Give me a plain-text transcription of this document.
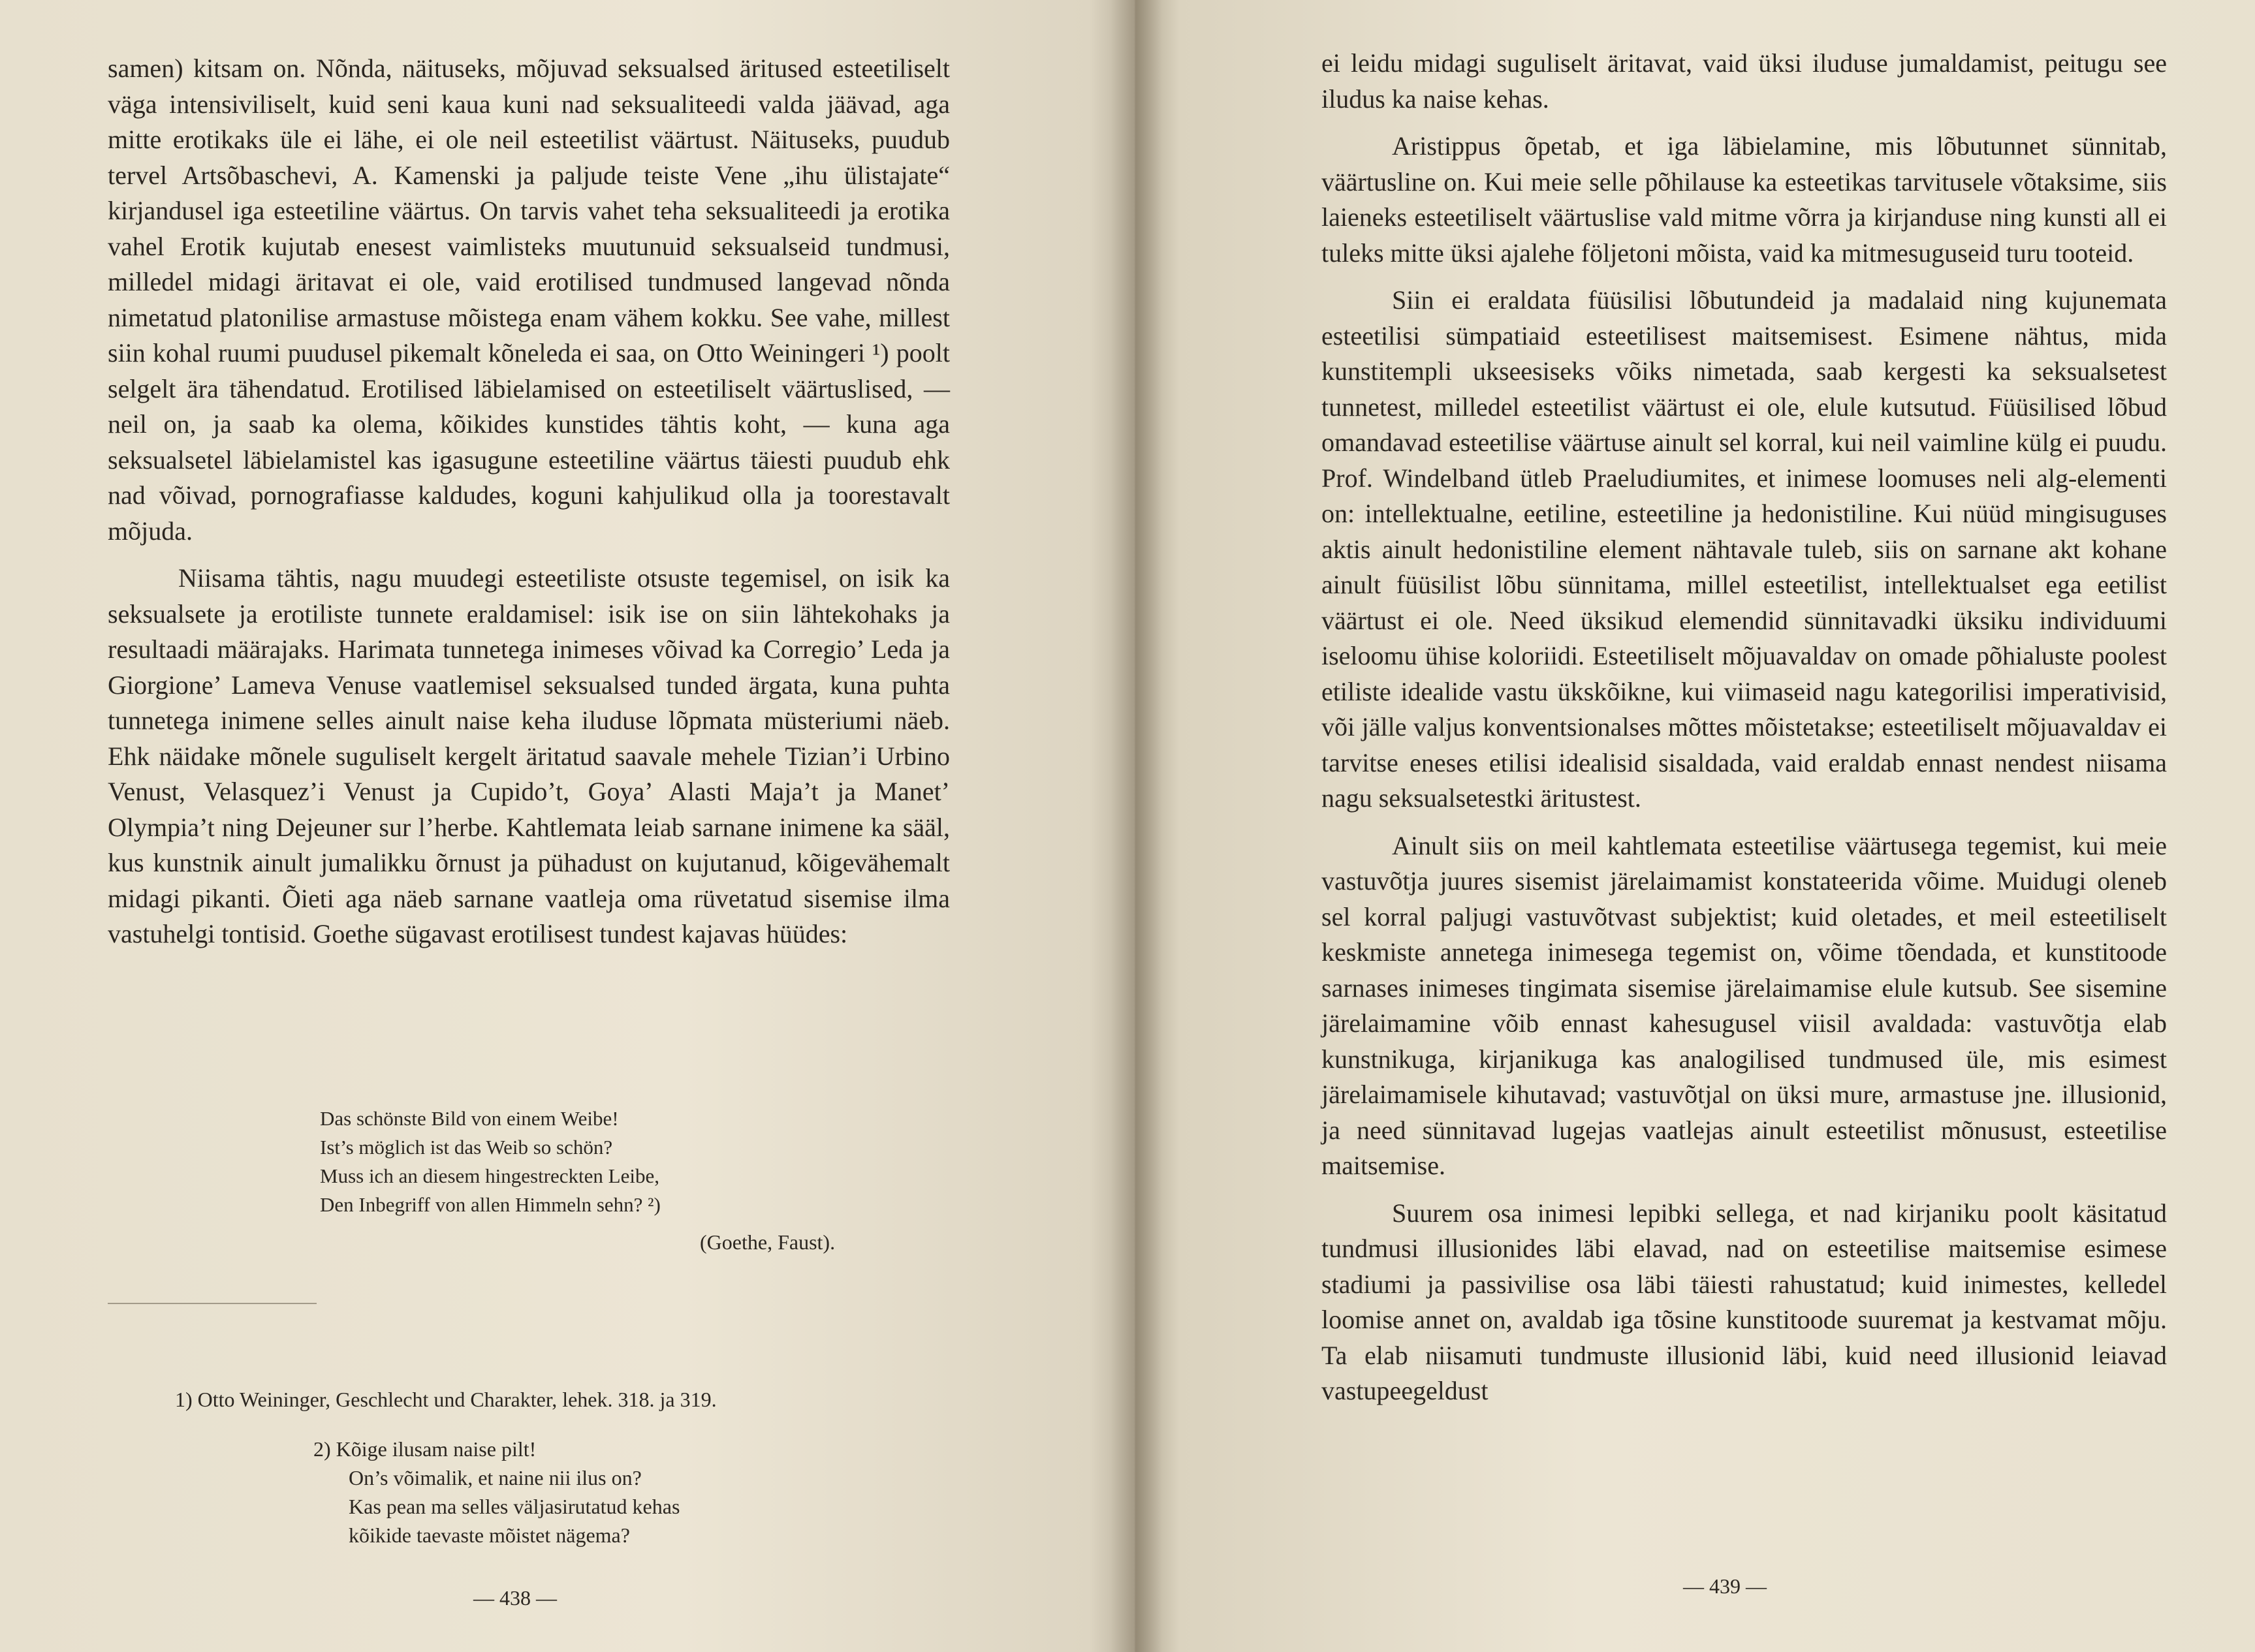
samen) kitsam on. Nõnda, näituseks, mõjuvad seksualsed äritused esteetiliselt väga intensiviliselt, kuid seni kaua kuni nad seksualiteedi valda jäävad, aga mitte erotikaks üle ei lähe, ei ole neil esteetilist väärtust. Näituseks, puudub tervel Artsõbaschevi, A. Kamenski ja paljude teiste Vene „ihu ülistajate“ kirjandusel iga esteetiline väärtus. On tarvis vahet teha seksualiteedi ja erotika vahel Erotik kujutab enesest vaimlisteks muutunuid seksualseid tundmusi, milledel midagi äritavat ei ole, vaid erotilised tundmused langevad nõnda nimetatud platonilise armastuse mõistega enam vähem kokku. See vahe, millest siin kohal ruumi puudusel pikemalt kõneleda ei saa, on Otto Weiningeri ¹) poolt selgelt ära tähendatud. Erotilised läbielamised on esteetiliselt väärtuslised, — neil on, ja saab ka olema, kõikides kunstides tähtis koht, — kuna aga seksualsetel läbielamistel kas igasugune esteetiline väärtus täiesti puudub ehk nad võivad, pornografiasse kaldudes, koguni kahjulikud olla ja toorestavalt mõjuda.

Niisama tähtis, nagu muudegi esteetiliste otsuste tegemisel, on isik ka seksualsete ja erotiliste tunnete eraldamisel: isik ise on siin lähtekohaks ja resultaadi määrajaks. Harimata tunnetega inimeses võivad ka Corregio’ Leda ja Giorgione’ Lameva Venuse vaatlemisel seksualsed tunded ärgata, kuna puhta tunnetega inimene selles ainult naise keha iluduse lõpmata müsteriumi näeb. Ehk näidake mõnele suguliselt kergelt äritatud saavale mehele Tizian’i Urbino Venust, Velasquez’i Venust ja Cupido’t, Goya’ Alasti Maja’t ja Manet’ Olympia’t ning Dejeuner sur l’herbe. Kahtlemata leiab sarnane inimene ka sääl, kus kunstnik ainult jumalikku õrnust ja pühadust on kujutanud, kõigevähemalt midagi pikanti. Õieti aga näeb sarnane vaatleja oma rüvetatud sisemise ilma vastuhelgi tontisid. Goethe sügavast erotilisest tundest kajavas hüüdes:

Das schönste Bild von einem Weibe!
Ist’s möglich ist das Weib so schön?
Muss ich an diesem hingestreckten Leibe,
Den Inbegriff von allen Himmeln sehn? ²)
(Goethe, Faust).
1) Otto Weininger, Geschlecht und Charakter, lehek. 318. ja 319.
2) Kõige ilusam naise pilt!
On’s võimalik, et naine nii ilus on?
Kas pean ma selles väljasirutatud kehas
kõikide taevaste mõistet nägema?
— 438 —

ei leidu midagi suguliselt äritavat, vaid üksi iluduse jumaldamist, peitugu see iludus ka naise kehas.

Aristippus õpetab, et iga läbielamine, mis lõbutunnet sünnitab, väärtusline on. Kui meie selle põhilause ka esteetikas tarvitusele võtaksime, siis laieneks esteetiliselt väärtuslise vald mitme võrra ja kirjanduse ning kunsti all ei tuleks mitte üksi ajalehe följetoni mõista, vaid ka mitmesuguseid turu tooteid.

Siin ei eraldata füüsilisi lõbutundeid ja madalaid ning kujunemata esteetilisi sümpatiaid esteetilisest maitsemisest. Esimene nähtus, mida kunstitempli ukseesiseks võiks nimetada, saab kergesti ka seksualsetest tunnetest, milledel esteetilist väärtust ei ole, elule kutsutud. Füüsilised lõbud omandavad esteetilise väärtuse ainult sel korral, kui neil vaimline külg ei puudu. Prof. Windelband ütleb Praeludiumites, et inimese loomuses neli alg-elementi on: intellektualne, eetiline, esteetiline ja hedonistiline. Kui nüüd mingisuguses aktis ainult hedonistiline element nähtavale tuleb, siis on sarnane akt kohane ainult füüsilist lõbu sünnitama, millel esteetilist, intellektualset ega eetilist väärtust ei ole. Need üksikud elemendid sünnitavadki üksiku individuumi iseloomu ühise koloriidi. Esteetiliselt mõjuavaldav on omade põhialuste poolest etiliste idealide vastu ükskõikne, kui viimaseid nagu kategorilisi imperativisid, või jälle valjus konventsionalses mõttes mõistetakse; esteetiliselt mõjuavaldav ei tarvitse eneses etilisi idealisid sisaldada, vaid eraldab ennast nendest niisama nagu seksualsetestki äritustest.

Ainult siis on meil kahtlemata esteetilise väärtusega tegemist, kui meie vastuvõtja juures sisemist järelaimamist konstateerida võime. Muidugi oleneb sel korral paljugi vastuvõtvast subjektist; kuid oletades, et meil esteetiliselt keskmiste annetega inimesega tegemist on, võime tõendada, et kunstitoode sarnases inimeses tingimata sisemise järelaimamise elule kutsub. See sisemine järelaimamine võib ennast kahesugusel viisil avaldada: vastuvõtja elab kunstnikuga, kirjanikuga kas analogilised tundmused üle, mis esimest järelaimamisele kihutavad; vastuvõtjal on üksi mure, armastuse jne. illusionid, ja need sünnitavad lugejas vaatlejas ainult esteetilist mõnusust, esteetilise maitsemise.

Suurem osa inimesi lepibki sellega, et nad kirjaniku poolt käsitatud tundmusi illusionides läbi elavad, nad on esteetilise maitsemise esimese stadiumi ja passivilise osa läbi täiesti rahustatud; kuid inimestes, kelledel loomise annet on, avaldab iga tõsine kunstitoode suuremat ja kestvamat mõju. Ta elab niisamuti tundmuste illusionid läbi, kuid need illusionid leiavad vastupeegeldust

— 439 —
